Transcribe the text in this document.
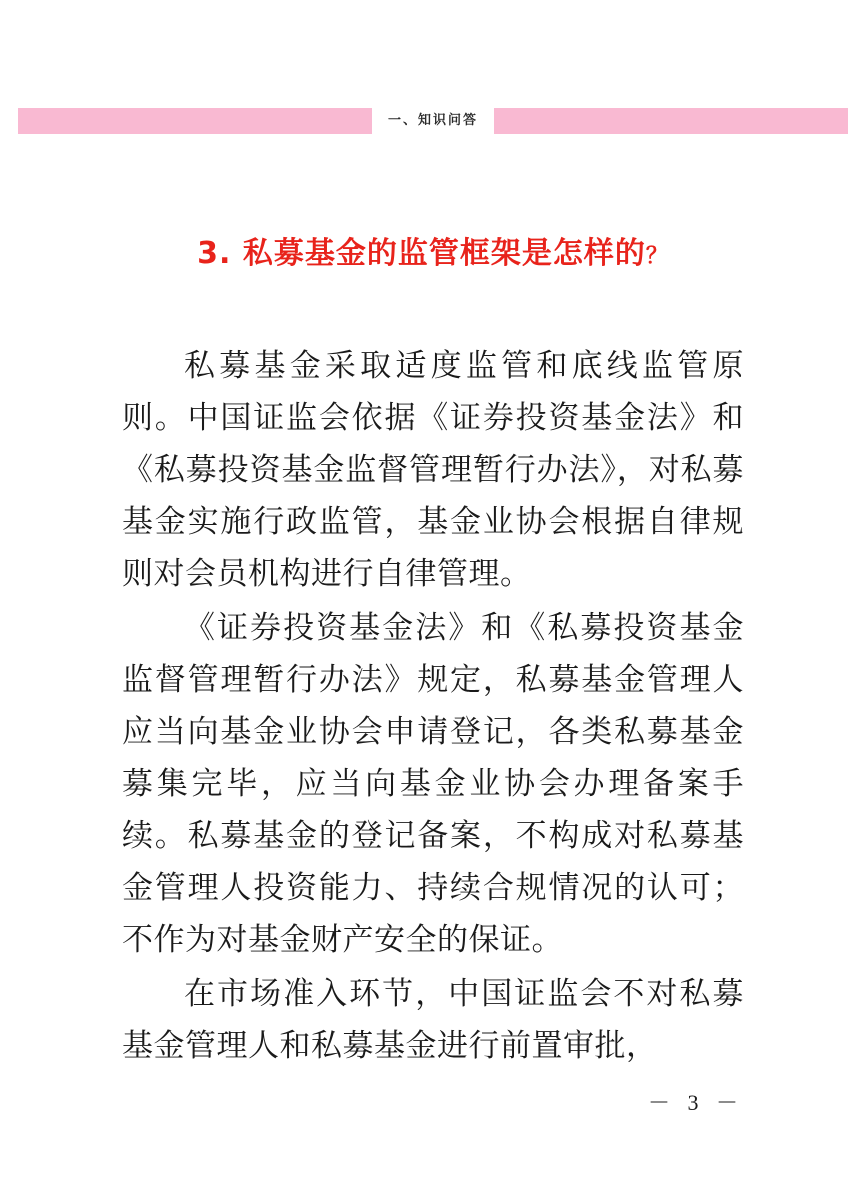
一、知识问答
3. 私募基金的监管框架是怎样的？

私募基金采取适度监管和底线监管原则。中国证监会依据《证券投资基金法》和《私募投资基金监督管理暂行办法》，对私募基金实施行政监管，基金业协会根据自律规则对会员机构进行自律管理。

《证券投资基金法》和《私募投资基金监督管理暂行办法》规定，私募基金管理人应当向基金业协会申请登记，各类私募基金募集完毕，应当向基金业协会办理备案手续。私募基金的登记备案，不构成对私募基金管理人投资能力、持续合规情况的认可；不作为对基金财产安全的保证。

在市场准入环节，中国证监会不对私募基金管理人和私募基金进行前置审批，

－ 3 －
